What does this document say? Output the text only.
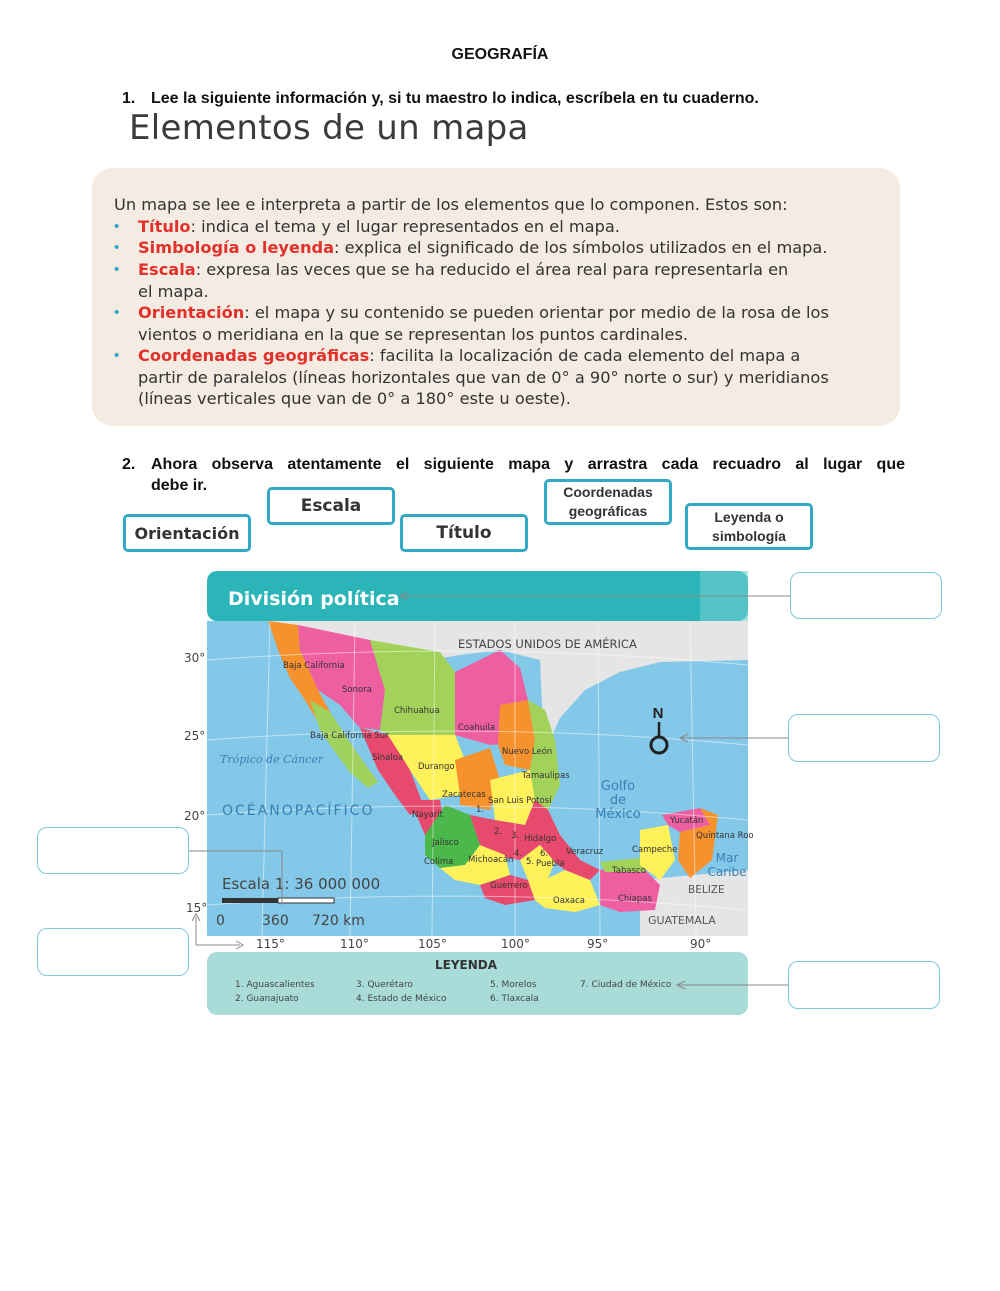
GEOGRAFÍA
1. Lee la siguiente información y, si tu maestro lo indica, escríbela en tu cuaderno.
Elementos de un mapa
Un mapa se lee e interpreta a partir de los elementos que lo componen. Estos son:
• Título: indica el tema y el lugar representados en el mapa.
• Simbología o leyenda: explica el significado de los símbolos utilizados en el mapa.
• Escala: expresa las veces que se ha reducido el área real para representarla en
el mapa.
• Orientación: el mapa y su contenido se pueden orientar por medio de la rosa de los
vientos o meridiana en la que se representan los puntos cardinales.
• Coordenadas geográficas: facilita la localización de cada elemento del mapa a
partir de paralelos (líneas horizontales que van de 0° a 90° norte o sur) y meridianos
(líneas verticales que van de 0° a 180° este u oeste).
2. Ahora observa atentamente el siguiente mapa y arrastra cada recuadro al lugar que
debe ir.
Escala
Orientación	Título
Coordenadas
geográficas	Leyenda o
simbología
División política
ESTADOS UNIDOS DE AMÉRICA
OCÉANOPACÍFICO
Trópico de Cáncer
Golfo
de
México
Mar
Caribe
BELIZE
GUATEMALA
Baja California
Sonora
Chihuahua
Coahuila
Baja California Sur
Nuevo León
Sinaloa
Durango
Tamaulipas
Zacatecas
San Luis Potosí
Nayarit
Jalisco	Hidalgo
Colima Michoacán
Veracruz
Puebla
Guerrero
Oaxaca	Chiapas
Tabasco
Campeche
Yucatán
Quintana Roo
1.
2. 3.
4.
5.
6.
N
Escala 1: 36 000 000
0	360 720 km
30°
25°
20°
15°
115°	110°	105°	100°	95°	90°
LEYENDA
1. Aguascalientes
2. Guanajuato
3. Querétaro
4. Estado de México
5. Morelos
6. Tlaxcala
7. Ciudad de México
